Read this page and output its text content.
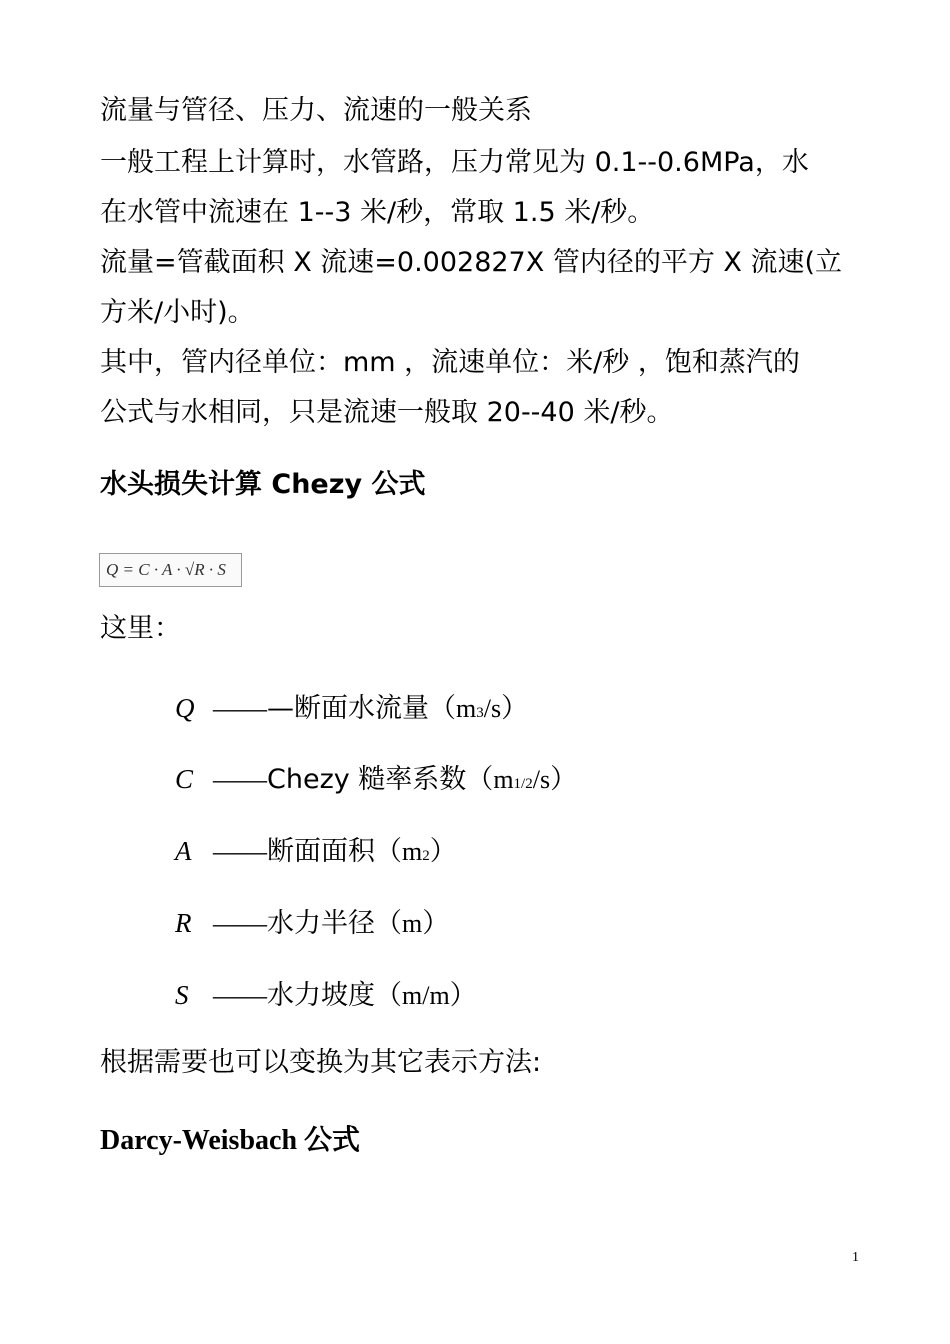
流量与管径、压力、流速的一般关系
一般工程上计算时，水管路，压力常见为 0.1--0.6MPa，水
在水管中流速在 1--3 米/秒，常取 1.5 米/秒。
流量=管截面积 X 流速=0.002827X 管内径的平方 X 流速(立
方米/小时)。
其中，管内径单位：mm ，流速单位：米/秒 ，饱和蒸汽的
公式与水相同，只是流速一般取 20--40 米/秒。
水头损失计算 Chezy 公式
Q = C · A · √R · S
这里：
Q ———断面水流量（m3/s）
C ——Chezy 糙率系数（m1/2/s）
A ——断面面积（m2）
R ——水力半径（m）
S ——水力坡度（m/m）
根据需要也可以变换为其它表示方法:
Darcy-Weisbach 公式
1
